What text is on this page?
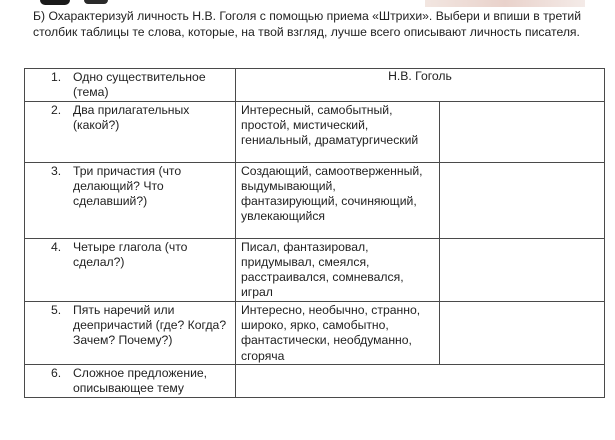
Б) Охарактеризуй личность Н.В. Гоголя с помощью приема «Штрихи». Выбери и впиши в третий столбик таблицы те слова, которые, на твой взгляд, лучше всего описывают личность писателя.

1. Одно существительное (тема)	Н.В. Гоголь	

2. Два прилагательных (какой?)	Интересный, самобытный, простой, мистический, гениальный, драматургический	

3. Три причастия (что делающий? Что сделавший?)	Создающий, самоотверженный, выдумывающий, фантазирующий, сочиняющий, увлекающийся	

4. Четыре глагола (что сделал?)	Писал, фантазировал, придумывал, смеялся, расстраивался, сомневался, играл	

5. Пять наречий или деепричастий (где? Когда? Зачем? Почему?)	Интересно, необычно, странно, широко, ярко, самобытно, фантастически, необдуманно, сгоряча	

6. Сложное предложение, описывающее тему		
